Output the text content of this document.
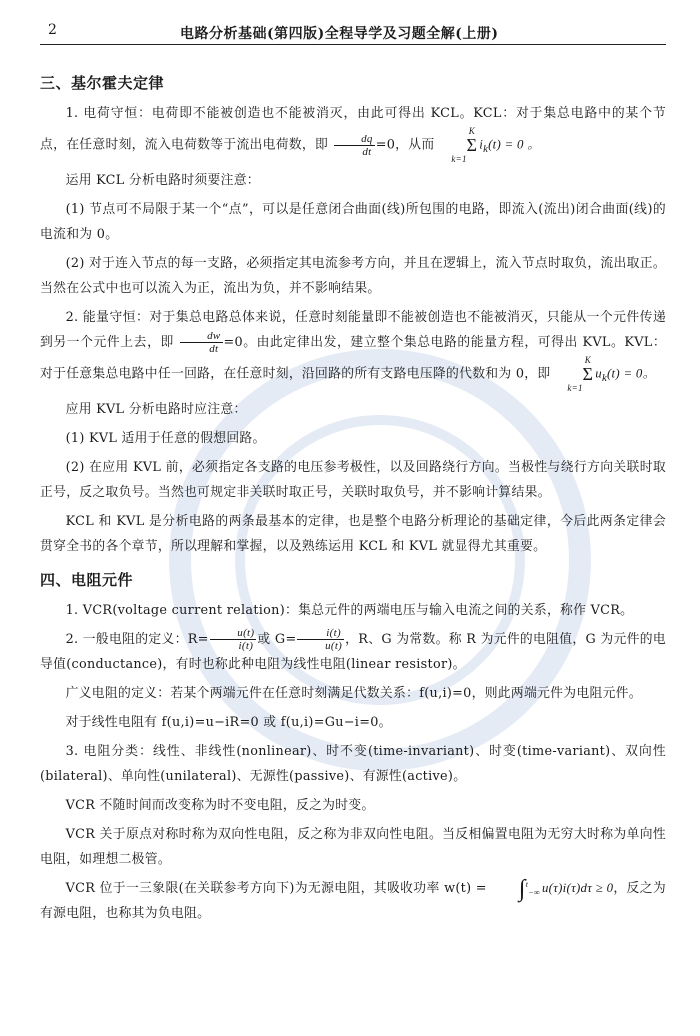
2	电路分析基础(第四版)全程导学及习题全解(上册)
三、基尔霍夫定律

1. 电荷守恒：电荷即不能被创造也不能被消灭，由此可得出 KCL。KCL：对于集总电路中的某个节点，在任意时刻，流入电荷数等于流出电荷数，即 $\frac{dq}{dt} =0$，从而 K
Σ
$k=1i_k(t) = 0$ 。

运用 KCL 分析电路时须要注意：

(1) 节点可不局限于某一个“点”，可以是任意闭合曲面(线)所包围的电路，即流入(流出)闭合曲面(线)的电流和为 0。

(2) 对于连入节点的每一支路，必须指定其电流参考方向，并且在逻辑上，流入节点时取负，流出取正。当然在公式中也可以流入为正，流出为负，并不影响结果。

2. 能量守恒：对于集总电路总体来说，任意时刻能量即不能被创造也不能被消灭，只能从一个元件传递到另一个元件上去，即 $\frac{dw}{dt} =0$。由此定律出发，建立整个集总电路的能量方程，可得出 KVL。KVL：对于任意集总电路中任一回路，在任意时刻，沿回路的所有支路电压降的代数和为 0，即 K
Σ
$k=1u_k(t) = 0$。

应用 KVL 分析电路时应注意：

(1) KVL 适用于任意的假想回路。

(2) 在应用 KVL 前，必须指定各支路的电压参考极性，以及回路绕行方向。当极性与绕行方向关联时取正号，反之取负号。当然也可规定非关联时取正号，关联时取负号，并不影响计算结果。

KCL 和 KVL 是分析电路的两条最基本的定律，也是整个电路分析理论的基础定律，今后此两条定律会贯穿全书的各个章节，所以理解和掌握，以及熟练运用 KCL 和 KVL 就显得尤其重要。

四、电阻元件

1. VCR(voltage current relation)：集总元件的两端电压与输入电流之间的关系，称作 VCR。

2. 一般电阻的定义：$R= \frac{u(t)}{i(t)}$ 或 $G= \frac{i(t)}{u(t)}$ ，R、G 为常数。称 R 为元件的电阻值，G 为元件的电导值(conductance)，有时也称此种电阻为线性电阻(linear resistor)。

广义电阻的定义：若某个两端元件在任意时刻满足代数关系：f(u,i)=0，则此两端元件为电阻元件。

对于线性电阻有 f(u,i)=u−iR=0 或 f(u,i)=Gu−i=0。

3. 电阻分类：线性、非线性(nonlinear)、时不变(time-invariant)、时变(time-variant)、双向性(bilateral)、单向性(unilateral)、无源性(passive)、有源性(active)。

VCR 不随时间而改变称为时不变电阻，反之为时变。

VCR 关于原点对称时称为双向性电阻，反之称为非双向性电阻。当反相偏置电阻为无穷大时称为单向性电阻，如理想二极管。

VCR 位于一三象限(在关联参考方向下)为无源电阻，其吸收功率 w(t) = ∫$^t_{-\infty}$ u(τ)i(τ)dτ ≥ 0，反之为有源电阻，也称其为负电阻。
